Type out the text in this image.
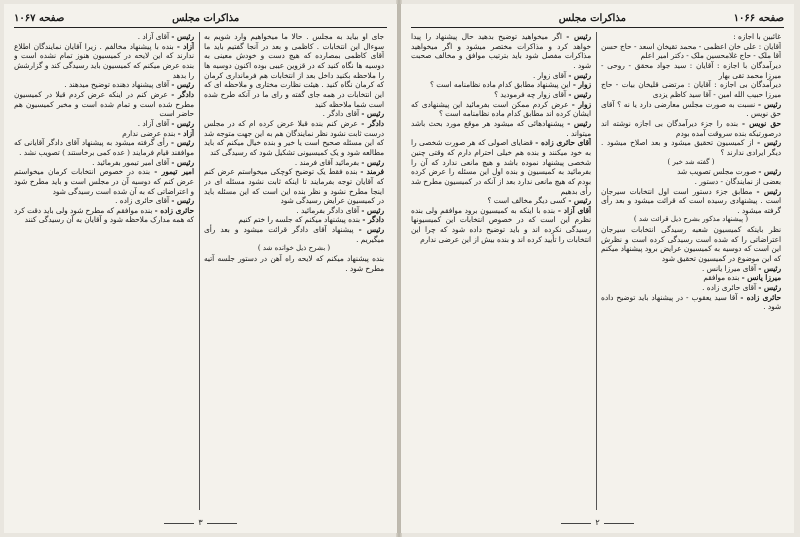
صفحه ۱۰۶۷	مذاکرات مجلس

جای او بیاید به مجلس . حالا ما میخواهیم وارد شویم به سوءال این انتخابات . کاظمی و بعد در آنجا گفتیم باید ما آقای کاظمی بمصارده که هیچ دست و خودش معینی به دوسیه ها نگاه کنید که در قزوین عیبی بوده اکنون دوسیه ها را ملاحظه بکنید داخل بعد از انتخابات هم فرمانداری کرمان که کرمان نگاه کنید . هیئت نظارت مختاری و ملاحظه ای که این انتخابات در همه جای گفته و رای ما در آنکه طرح شده است شما ملاحظه کنید

رئیس - آقای دادگر .

دادگر - عرض کنم بنده قبلا عرض کرده ام که در مجلس درست ثابت نشود نظر نمایندگان هم به این جهت متوجه شد که این مسئله صحیح است یا خیر و بنده خیال میکنم که باید مطالعه شود و یک کمیسیونی تشکیل شود که رسیدگی کند

رئیس - بفرمائید آقای فرمند .

فرمند - بنده فقط یک توضیح کوچکی میخواستم عرض کنم که آقایان توجه بفرمایند تا اینکه ثابت نشود مسئله ای در اینجا مطرح نشود و نظر بنده این است که این مسئله باید در کمیسیون عرایض رسیدگی شود

رئیس - آقای دادگر بفرمائید .

دادگر - بنده پیشنهاد میکنم که جلسه را ختم کنیم

رئیس - پیشنهاد آقای دادگر قرائت میشود و بعد رأی میگیریم .

( بشرح ذیل خوانده شد )

بنده پیشنهاد میکنم که لایحه راه آهن در دستور جلسه آتیه مطرح شود .

رئیس - آقای آزاد .

آزاد - بنده با پیشنهاد مخالفم . زیرا آقایان نمایندگان اطلاع ندارند که این لایحه در کمیسیون هنوز تمام نشده است و بنده عرض میکنم که کمیسیون باید رسیدگی کند و گزارشش را بدهد

رئیس - آقای پیشنهاد دهنده توضیح میدهند .

دادگر - عرض کنم در اینکه عرض کردم قبلا در کمیسیون مطرح شده است و تمام شده است و مخبر کمیسیون هم حاضر است

رئیس - آقای آزاد .

آزاد - بنده عرضی ندارم

رئیس - رأی گرفته میشود به پیشنهاد آقای دادگر آقایانی که موافقند قیام فرمایند ( عده کمی برخاستند ) تصویب نشد .

رئیس - آقای امیر تیمور بفرمائید .

امیر تیمور - بنده در خصوص انتخابات کرمان میخواستم عرض کنم که دوسیه آن در مجلس است و باید مطرح شود و اعتراضاتی که به آن شده است رسیدگی شود

رئیس - آقای حائری زاده .

حائری زاده - بنده موافقم که مطرح شود ولی باید دقت کرد که همه مدارک ملاحظه شود و آقایان به آن رسیدگی کنند

۳
مذاکرات مجلس	صفحه ۱۰۶۶

غائبین با اجازه :

آقایان : علی خان اعظمی - محمد تقیخان اسعد - حاج حسن آقا ملک - حاج غلامحسین ملک - دکتر امیر اعلم

دیرآمدگان با اجازه : آقایان : سید جواد محقق - روحی - میرزا محمد تقی بهار

دیرآمدگان بی اجازه : آقایان : مرتضی قلیخان بیات - حاج میرزا حبیب الله امین - آقا سید کاظم یزدی

رئیس - نسبت به صورت مجلس معارضی دارد یا نه ؟ آقای حق نویس .

حق نویس - بنده را جزء دیرآمدگان بی اجازه نوشته اند درصورتیکه بنده سروقت آمده بودم

رئیس - از کمیسیون تحقیق میشود و بعد اصلاح میشود . دیگر ایرادی ندارند ؟

( گفته شد خیر )

رئیس - صورت مجلس تصویب شد

بعضی از نمایندگان - دستور .

رئیس - مطابق جزء دستور است اول انتخابات سیرجان است . پیشنهادی رسیده است که قرائت میشود و بعد رأی گرفته میشود .

( پیشنهاد مذکور بشرح ذیل قرائت شد )

نظر باینکه کمیسیون شعبه رسیدگی انتخابات سیرجان اعتراضاتی را که شده است رسیدگی کرده است و نظرش این است که دوسیه به کمیسیون عرایض برود پیشنهاد میکنم که این موضوع در کمیسیون تحقیق شود

رئیس - آقای میرزا یانس .

میرزا یانس - بنده موافقم

رئیس - آقای حائری زاده .

حائری زاده - آقا سید یعقوب - در پیشنهاد باید توضیح داده شود .

رئیس - اگر میخواهید توضیح بدهید حال پیشنهاد را پیدا خواهد کرد و مذاکرات مختصر میشود و اگر میخواهید مذاکرات مفصل شود باید بترتیب موافق و مخالف صحبت شود .

رئیس - آقای زوار .

زوار - این پیشنهاد مطابق کدام ماده نظامنامه است ؟

رئیس - آقای زوار چه فرمودید ؟

زوار - عرض کردم ممکن است بفرمائید این پیشنهادی که ایشان کرده اند مطابق کدام ماده نظامنامه است ؟

رئیس - پیشنهادهائی که میشود هر موقع مورد بحث باشد میتواند .

آقای حائری زاده - قضایای اصولی که هر صورت شخصی را به خود میکنند و بنده هم خیلی احترام دارم که وقتی چنین شخصی پیشنهاد نموده باشد و هیچ مانعی ندارد که آن را بفرمائید به کمیسیون و بنده اول این مسئله را عرض کرده بودم که هیچ مانعی ندارد بعد از آنکه در کمیسیون مطرح شد رأی بدهیم

رئیس - کسی دیگر مخالف است ؟

آقای آزاد - بنده با اینکه به کمیسیون برود موافقم ولی بنده نظرم این است که در خصوص انتخابات این کمیسیونها رسیدگی نکرده اند و باید توضیح داده شود که چرا این انتخابات را تأیید کرده اند و بنده بیش از این عرضی ندارم

۲
